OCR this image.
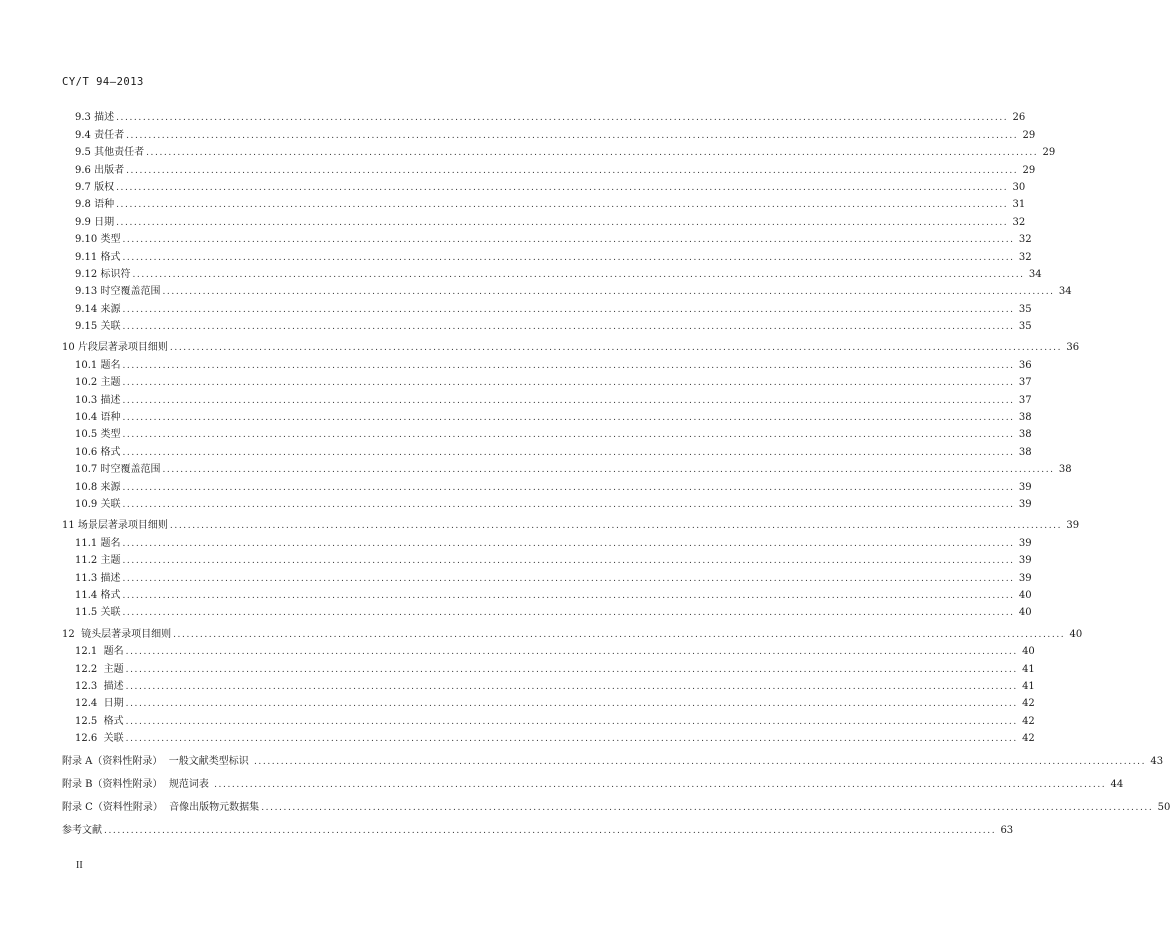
CY/T 94—2013
9.3 描述 ........................................................................................................................................................................................................ 26
9.4 责任者 ........................................................................................................................................................................................................ 29
9.5 其他责任者 ........................................................................................................................................................................................................ 29
9.6 出版者 ........................................................................................................................................................................................................ 29
9.7 版权 ........................................................................................................................................................................................................ 30
9.8 语种 ........................................................................................................................................................................................................ 31
9.9 日期 ........................................................................................................................................................................................................ 32
9.10 类型 ........................................................................................................................................................................................................ 32
9.11 格式 ........................................................................................................................................................................................................ 32
9.12 标识符 ........................................................................................................................................................................................................ 34
9.13 时空覆盖范围 ........................................................................................................................................................................................................ 34
9.14 来源 ........................................................................................................................................................................................................ 35
9.15 关联 ........................................................................................................................................................................................................ 35
10 片段层著录项目细则 ........................................................................................................................................................................................................ 36
10.1 题名 ........................................................................................................................................................................................................ 36
10.2 主题 ........................................................................................................................................................................................................ 37
10.3 描述 ........................................................................................................................................................................................................ 37
10.4 语种 ........................................................................................................................................................................................................ 38
10.5 类型 ........................................................................................................................................................................................................ 38
10.6 格式 ........................................................................................................................................................................................................ 38
10.7 时空覆盖范围 ........................................................................................................................................................................................................ 38
10.8 来源 ........................................................................................................................................................................................................ 39
10.9 关联 ........................................................................................................................................................................................................ 39
11 场景层著录项目细则 ........................................................................................................................................................................................................ 39
11.1 题名 ........................................................................................................................................................................................................ 39
11.2 主题 ........................................................................................................................................................................................................ 39
11.3 描述 ........................................................................................................................................................................................................ 39
11.4 格式 ........................................................................................................................................................................................................ 40
11.5 关联 ........................................................................................................................................................................................................ 40
12  镜头层著录项目细则 ........................................................................................................................................................................................................ 40
12.1  题名 ........................................................................................................................................................................................................ 40
12.2  主题 ........................................................................................................................................................................................................ 41
12.3  描述 ........................................................................................................................................................................................................ 41
12.4  日期 ........................................................................................................................................................................................................ 42
12.5  格式 ........................................................................................................................................................................................................ 42
12.6  关联 ........................................................................................................................................................................................................ 42
附录 A（资料性附录）  一般文献类型标识 ........................................................................................................................................................................................................ 43
附录 B（资料性附录）  规范词表 ........................................................................................................................................................................................................ 44
附录 C（资料性附录）  音像出版物元数据集 ........................................................................................................................................................................................................ 50
参考文献 ........................................................................................................................................................................................................ 63
II
